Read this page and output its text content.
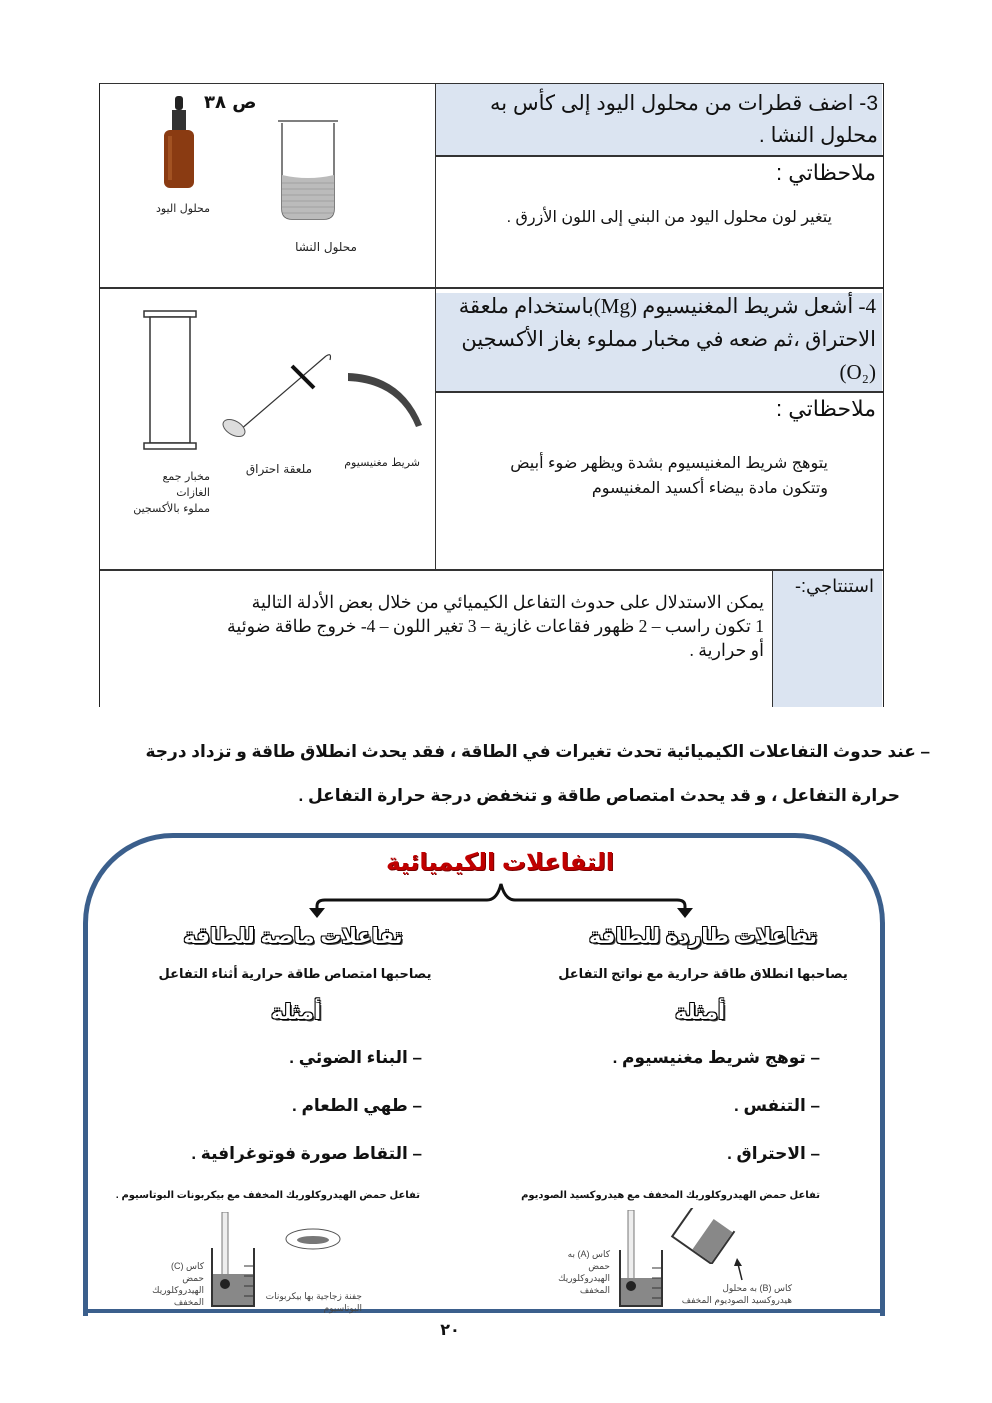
3- اضف قطرات من محلول اليود إلى كأس به محلول النشا .
ملاحظاتي :
يتغير لون محلول اليود من البني إلى اللون الأزرق .
ص ٣٨
محلول اليود
محلول النشا
4- أشعل شريط المغنيسيوم (Mg)باستخدام ملعقة
الاحتراق ،ثم ضعه في مخبار مملوء بغاز الأكسجين
(O₂)
ملاحظاتي :
يتوهج شريط المغنيسيوم بشدة ويظهر ضوء أبيض
وتتكون مادة بيضاء أكسيد المغنيسوم
شريط مغنيسيوم
ملعقة احتراق
مخبار جمع
الغازات
مملوء بالأكسجين
استنتاجي:-
يمكن الاستدلال على حدوث التفاعل الكيميائي من خلال بعض الأدلة التالية
1 تكون راسب – 2 ظهور فقاعات غازية – 3 تغير اللون – 4- خروج طاقة ضوئية
أو حرارية .
– عند حدوث التفاعلات الكيميائية تحدث تغيرات في الطاقة ، فقد يحدث انطلاق طاقة و تزداد درجة
حرارة التفاعل ، و قد يحدث امتصاص طاقة و تنخفض درجة حرارة التفاعل .
التفاعلات الكيميائية
تفاعلات طاردة للطاقة
يصاحبها انطلاق طاقة حرارية مع نواتج التفاعل
أمثلة
– توهج شريط مغنيسيوم .
– التنفس .
– الاحتراق .
تفاعل حمض الهيدروكلوريك المخفف مع هيدروكسيد الصوديوم
كاس (A) به
حمض
الهيدروكلوريك
المخفف	كاس (B) به محلول
هيدروكسيد الصوديوم المخفف
تفاعلات ماصة للطاقة
يصاحبها امتصاص طاقة حرارية أثناء التفاعل
أمثلة
– البناء الضوئي .
– طهي الطعام .
– التقاط صورة فوتوغرافية .
تفاعل حمض الهيدروكلوريك المخفف مع بيكربونات البوتاسيوم .
كاس (C)
حمض
الهيدروكلوريك
المخفف
جفنة زجاجية بها بيكربونات
البوتاسيوم
٢٠
